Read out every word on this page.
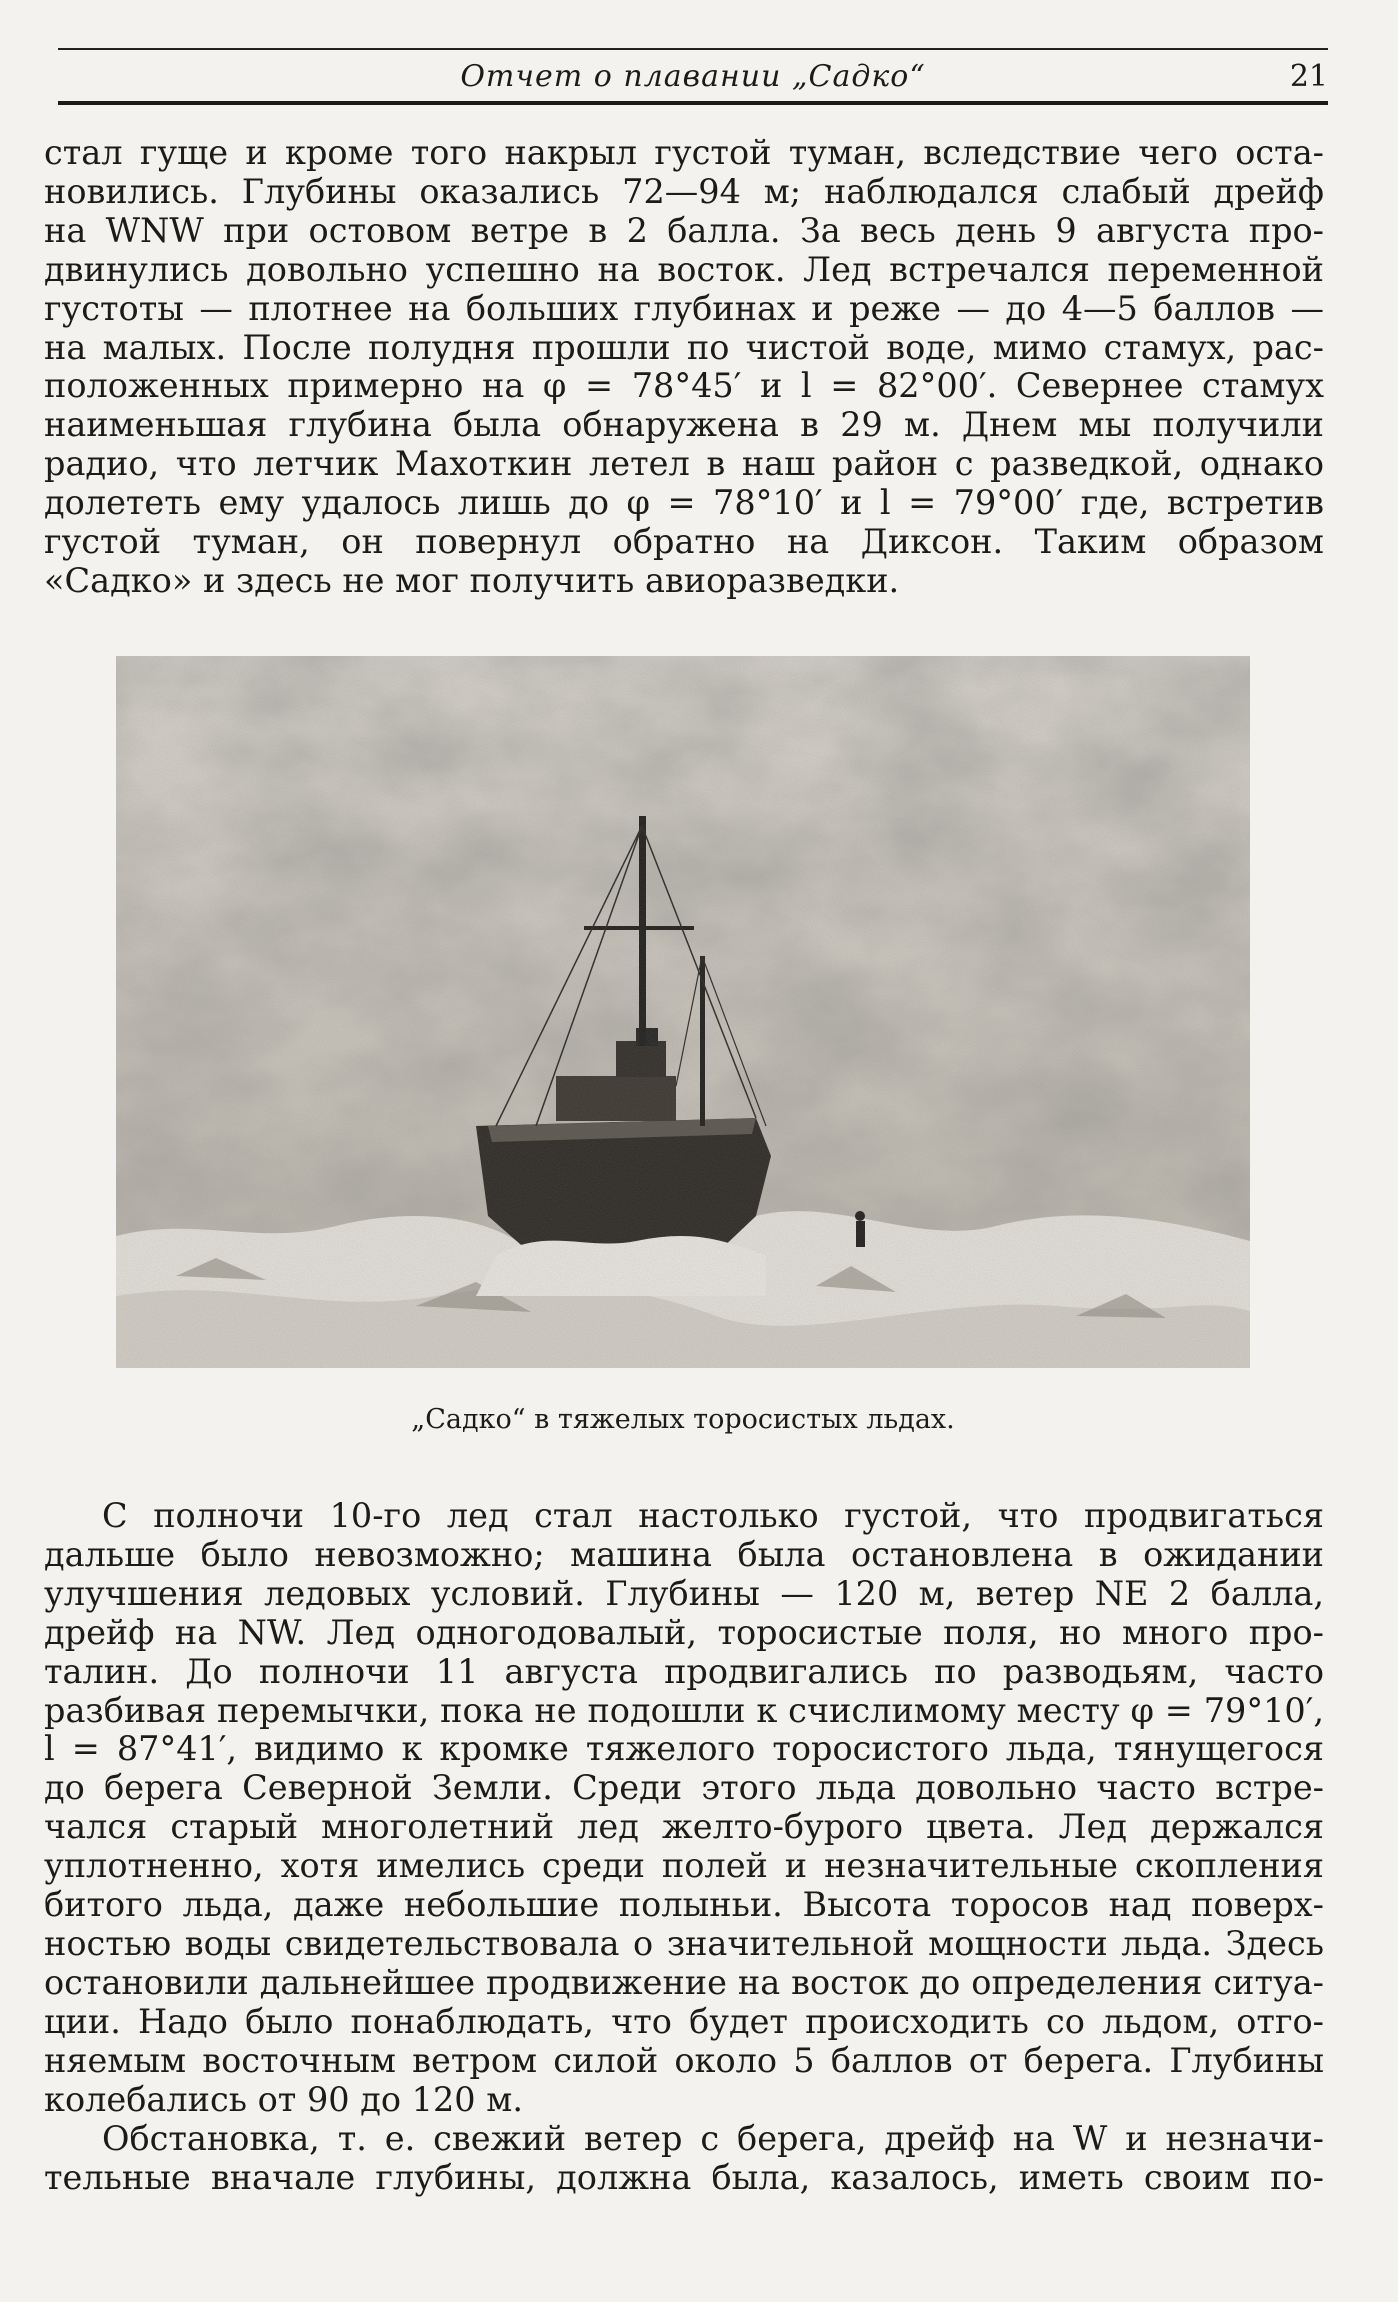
Отчет о плавании „Садко“	21
стал гуще и кроме того накрыл густой туман, вследствие чего оста-
новились. Глубины оказались 72—94 м; наблюдался слабый дрейф
на WNW при остовом ветре в 2 балла. За весь день 9 августа про-
двинулись довольно успешно на восток. Лед встречался переменной
густоты — плотнее на больших глубинах и реже — до 4—5 баллов —
на малых. После полудня прошли по чистой воде, мимо стамух, рас-
положенных примерно на φ = 78°45′ и l = 82°00′. Севернее стамух
наименьшая глубина была обнаружена в 29 м. Днем мы получили
радио, что летчик Махоткин летел в наш район с разведкой, однако
долететь ему удалось лишь до φ = 78°10′ и l = 79°00′ где, встретив
густой туман, он повернул обратно на Диксон. Таким образом
«Садко» и здесь не мог получить авиоразведки.
„Садко“ в тяжелых торосистых льдах.
С полночи 10-го лед стал настолько густой, что продвигаться
дальше было невозможно; машина была остановлена в ожидании
улучшения ледовых условий. Глубины — 120 м, ветер NE 2 балла,
дрейф на NW. Лед одногодовалый, торосистые поля, но много про-
талин. До полночи 11 августа продвигались по разводьям, часто
разбивая перемычки, пока не подошли к счислимому месту φ = 79°10′,
l = 87°41′, видимо к кромке тяжелого торосистого льда, тянущегося
до берега Северной Земли. Среди этого льда довольно часто встре-
чался старый многолетний лед желто-бурого цвета. Лед держался
уплотненно, хотя имелись среди полей и незначительные скопления
битого льда, даже небольшие полыньи. Высота торосов над поверх-
ностью воды свидетельствовала о значительной мощности льда. Здесь
остановили дальнейшее продвижение на восток до определения ситуа-
ции. Надо было понаблюдать, что будет происходить со льдом, отго-
няемым восточным ветром силой около 5 баллов от берега. Глубины
колебались от 90 до 120 м.
Обстановка, т. е. свежий ветер с берега, дрейф на W и незначи-
тельные вначале глубины, должна была, казалось, иметь своим по-
